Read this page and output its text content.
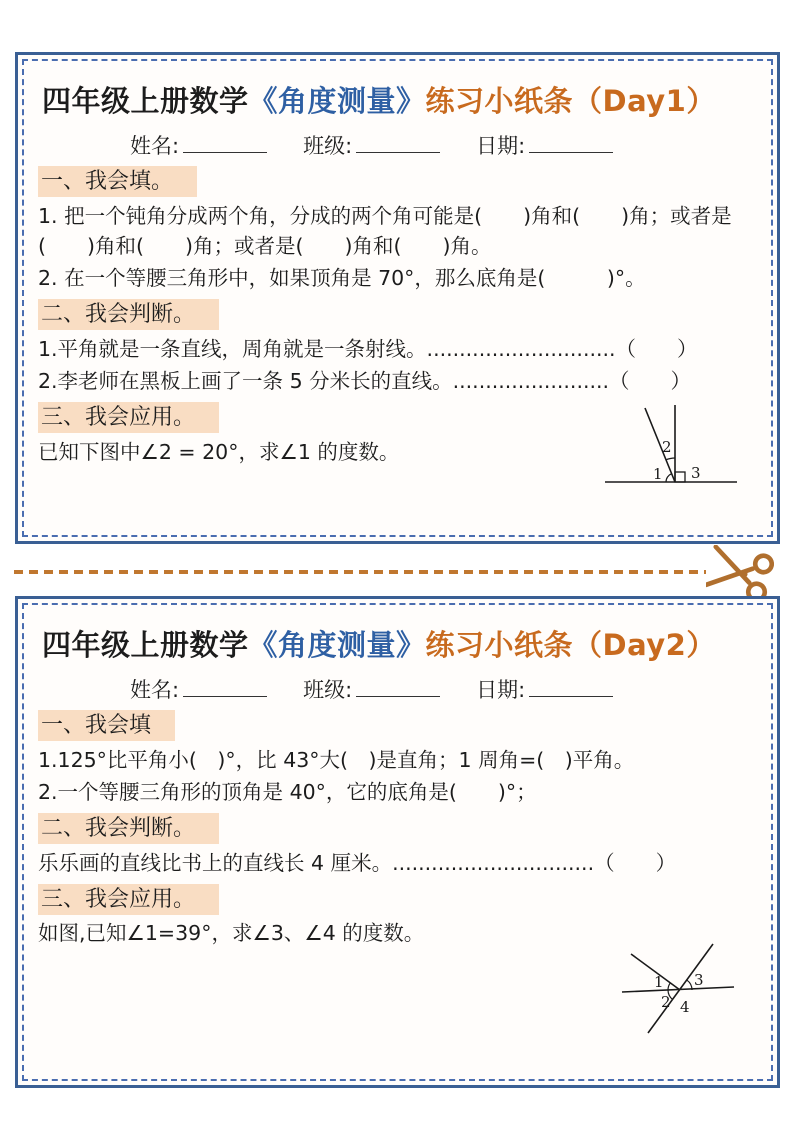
四年级上册数学《角度测量》练习小纸条（Day1）
姓名:	班级:	日期:
一、我会填。
1. 把一个钝角分成两个角，分成的两个角可能是(　　)角和(　　)角；或者是(　　)角和(　　)角；或者是(　　)角和(　　)角。
2. 在一个等腰三角形中，如果顶角是 70°，那么底角是(　　　)°。
二、我会判断。
1.平角就是一条直线，周角就是一条射线。.............................（　　）
2.李老师在黑板上画了一条 5 分米长的直线。........................（　　）
三、我会应用。
已知下图中∠2 = 20°，求∠1 的度数。
1
2
3
四年级上册数学《角度测量》练习小纸条（Day2）
姓名:	班级:	日期:
一、我会填
1.125°比平角小(　)°，比 43°大(　)是直角；1 周角=(　)平角。
2.一个等腰三角形的顶角是 40°，它的底角是(　　)°；
二、我会判断。
乐乐画的直线比书上的直线长 4 厘米。...............................（　　）
三、我会应用。
如图,已知∠1=39°，求∠3、∠4 的度数。
1
2
3
4
